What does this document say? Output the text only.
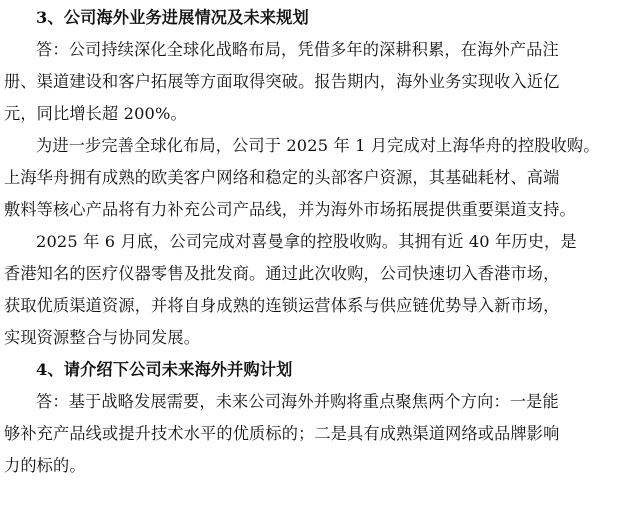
3、公司海外业务进展情况及未来规划
答：公司持续深化全球化战略布局，凭借多年的深耕积累，在海外产品注
册、渠道建设和客户拓展等方面取得突破。报告期内，海外业务实现收入近亿
元，同比增长超 200%。
为进一步完善全球化布局，公司于 2025 年 1 月完成对上海华舟的控股收购。
上海华舟拥有成熟的欧美客户网络和稳定的头部客户资源，其基础耗材、高端
敷料等核心产品将有力补充公司产品线，并为海外市场拓展提供重要渠道支持。
2025 年 6 月底，公司完成对喜曼拿的控股收购。其拥有近 40 年历史，是
香港知名的医疗仪器零售及批发商。通过此次收购，公司快速切入香港市场，
获取优质渠道资源，并将自身成熟的连锁运营体系与供应链优势导入新市场，
实现资源整合与协同发展。
4、请介绍下公司未来海外并购计划
答：基于战略发展需要，未来公司海外并购将重点聚焦两个方向：一是能
够补充产品线或提升技术水平的优质标的；二是具有成熟渠道网络或品牌影响
力的标的。
